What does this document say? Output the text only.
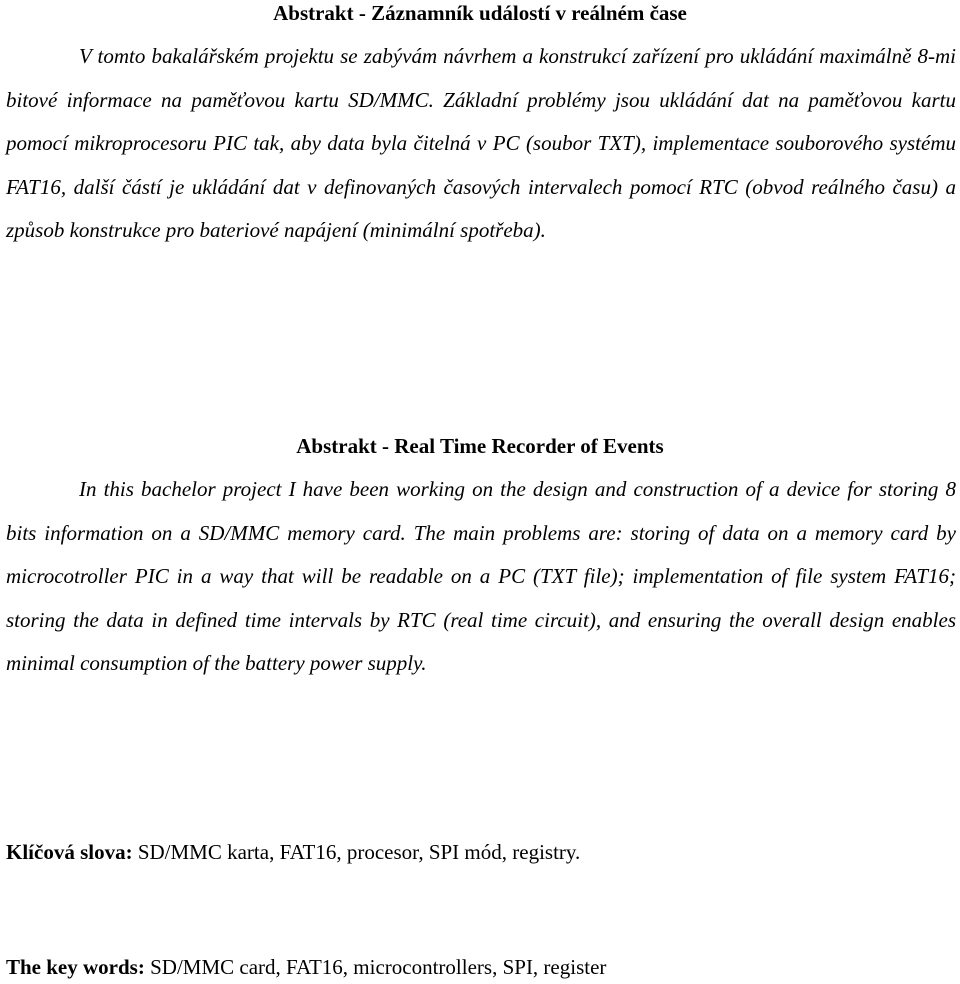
Abstrakt - Záznamník událostí v reálném čase

V tomto bakalářském projektu se zabývám návrhem a konstrukcí zařízení pro ukládání maximálně 8-mi bitové informace na paměťovou kartu SD/MMC. Základní problémy jsou ukládání dat na paměťovou kartu pomocí mikroprocesoru PIC tak, aby data byla čitelná v PC (soubor TXT), implementace souborového systému FAT16, další částí je ukládání dat v definovaných časových intervalech pomocí RTC (obvod reálného času) a způsob konstrukce pro bateriové napájení (minimální spotřeba).

Abstrakt - Real Time Recorder of Events

In this bachelor project I have been working on the design and construction of a device for storing 8 bits information on a SD/MMC memory card. The main problems are: storing of data on a memory card by microcotroller PIC in a way that will be readable on a PC (TXT file); implementation of file system FAT16; storing the data in defined time intervals by RTC (real time circuit), and ensuring the overall design enables minimal consumption of the battery power supply.

Klíčová slova: SD/MMC karta, FAT16, procesor, SPI mód, registry.

The key words: SD/MMC card, FAT16, microcontrollers, SPI, register
